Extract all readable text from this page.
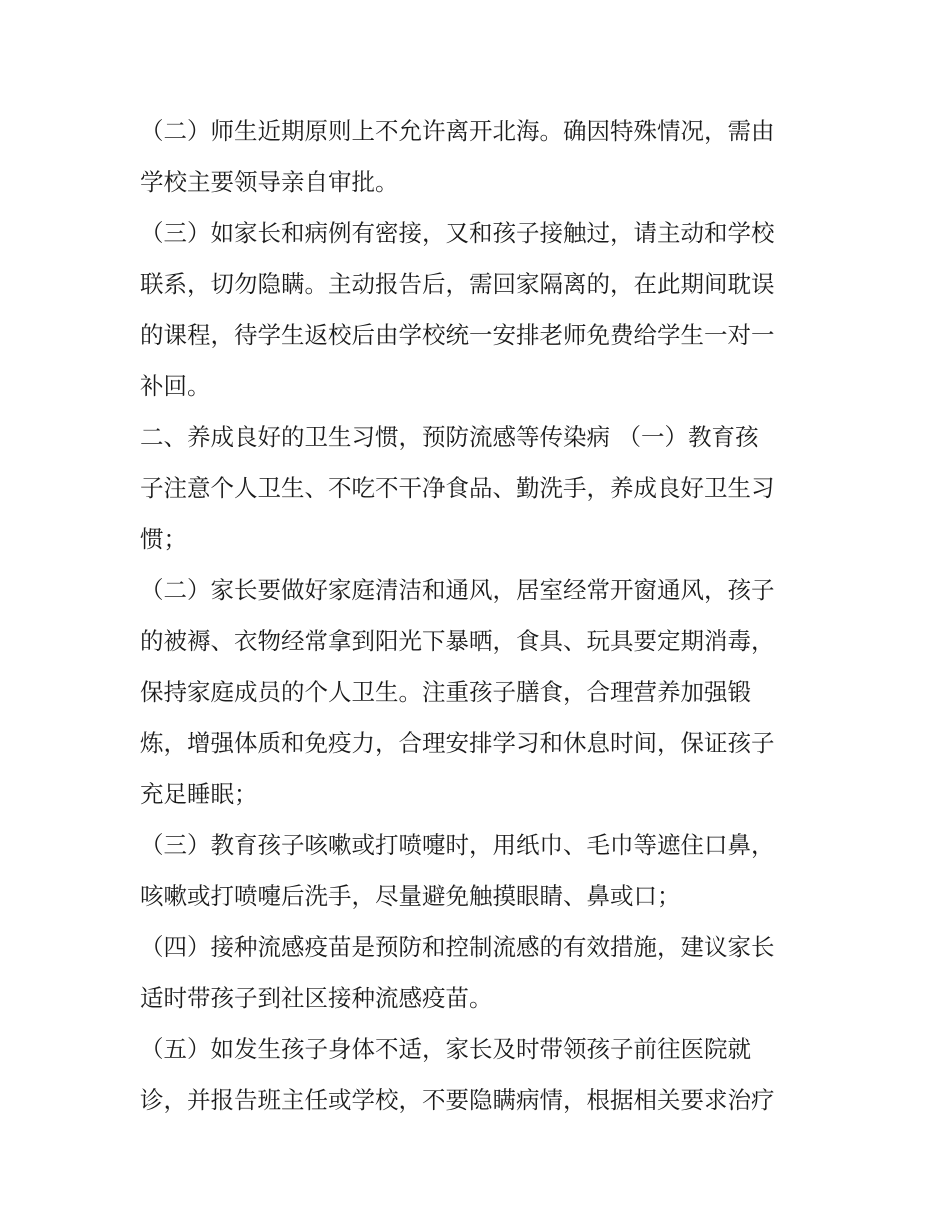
（二）师生近期原则上不允许离开北海。确因特殊情况，需由
学校主要领导亲自审批。
（三）如家长和病例有密接，又和孩子接触过，请主动和学校
联系，切勿隐瞒。主动报告后，需回家隔离的，在此期间耽误
的课程，待学生返校后由学校统一安排老师免费给学生一对一
补回。
二、养成良好的卫生习惯，预防流感等传染病 （一）教育孩
子注意个人卫生、不吃不干净食品、勤洗手，养成良好卫生习
惯；
（二）家长要做好家庭清洁和通风，居室经常开窗通风，孩子
的被褥、衣物经常拿到阳光下暴晒，食具、玩具要定期消毒，
保持家庭成员的个人卫生。注重孩子膳食，合理营养加强锻
炼，增强体质和免疫力，合理安排学习和休息时间，保证孩子
充足睡眠；
（三）教育孩子咳嗽或打喷嚏时，用纸巾、毛巾等遮住口鼻，
咳嗽或打喷嚏后洗手，尽量避免触摸眼睛、鼻或口；
（四）接种流感疫苗是预防和控制流感的有效措施，建议家长
适时带孩子到社区接种流感疫苗。
（五）如发生孩子身体不适，家长及时带领孩子前往医院就
诊，并报告班主任或学校，不要隐瞒病情，根据相关要求治疗
